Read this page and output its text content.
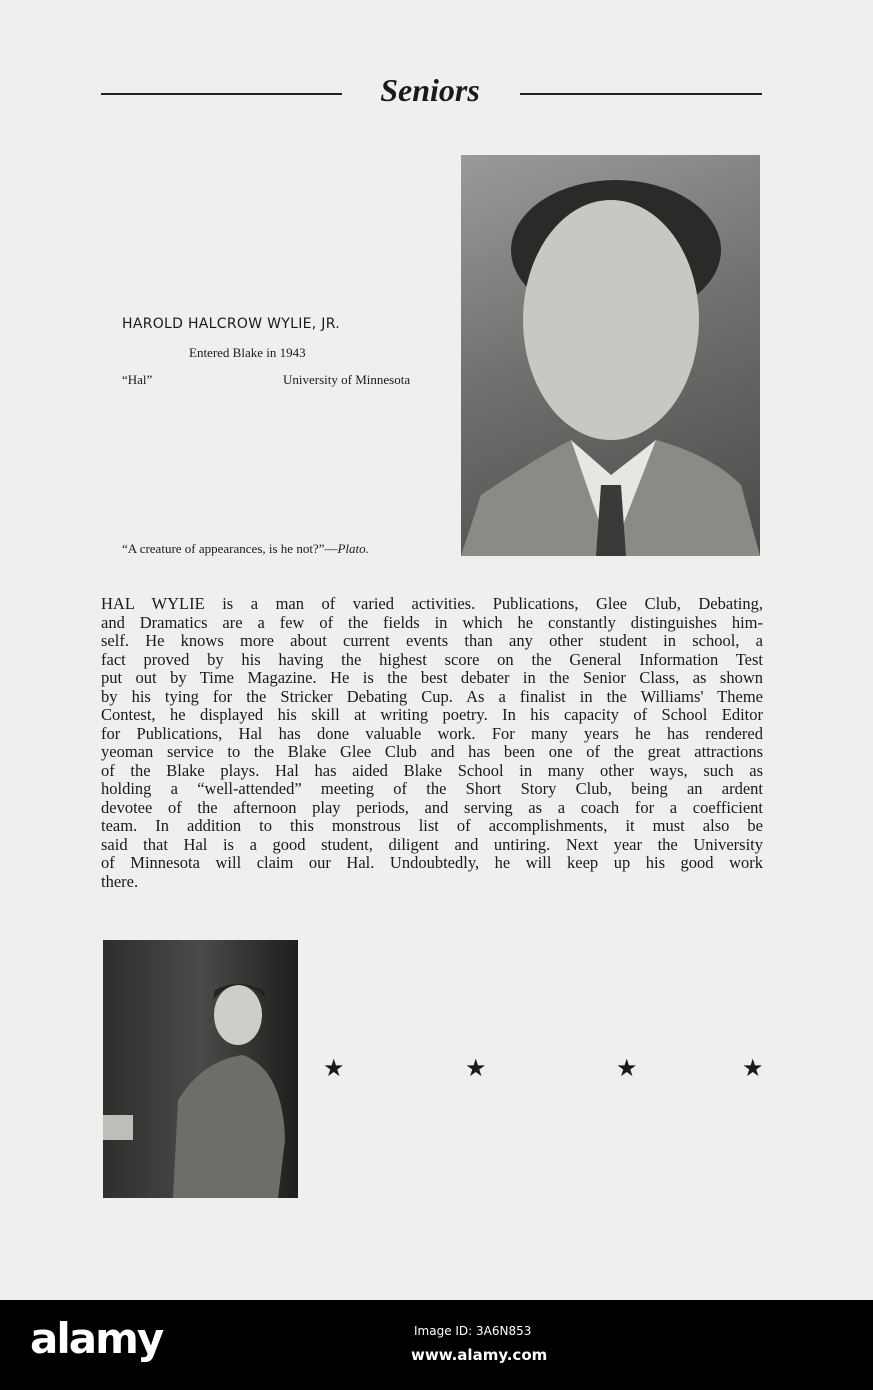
Seniors
HAROLD HALCROW WYLIE, JR.
Entered Blake in 1943
“Hal”	University of Minnesota
“A creature of appearances, is he not?”—Plato.
HAL WYLIE is a man of varied activities. Publications, Glee Club, Debating,
and Dramatics are a few of the fields in which he constantly distinguishes him-
self. He knows more about current events than any other student in school, a
fact proved by his having the highest score on the General Information Test
put out by Time Magazine. He is the best debater in the Senior Class, as shown
by his tying for the Stricker Debating Cup. As a finalist in the Williams' Theme
Contest, he displayed his skill at writing poetry. In his capacity of School Editor
for Publications, Hal has done valuable work. For many years he has rendered
yeoman service to the Blake Glee Club and has been one of the great attractions
of the Blake plays. Hal has aided Blake School in many other ways, such as
holding a “well-attended” meeting of the Short Story Club, being an ardent
devotee of the afternoon play periods, and serving as a coach for a coefficient
team. In addition to this monstrous list of accomplishments, it must also be
said that Hal is a good student, diligent and untiring. Next year the University
of Minnesota will claim our Hal. Undoubtedly, he will keep up his good work
there.
★	★	★	★
alamy	Image ID: 3A6N853
www.alamy.com
